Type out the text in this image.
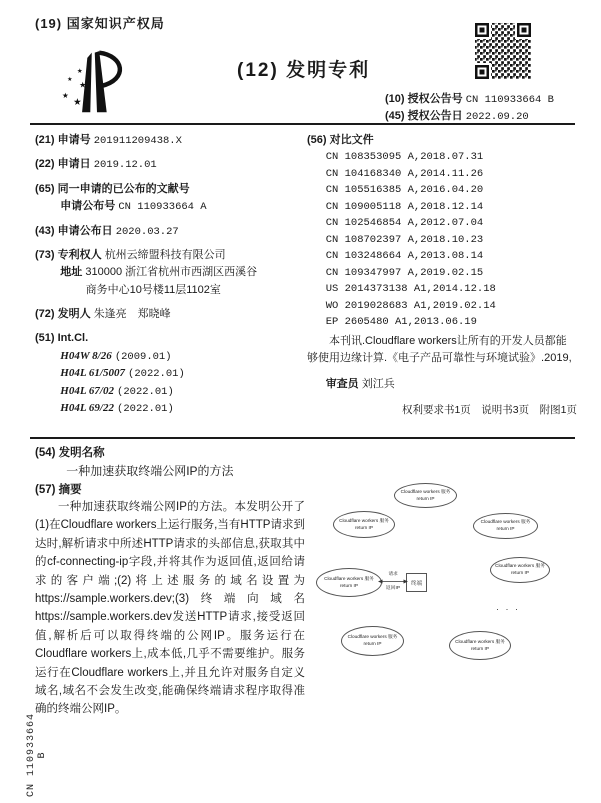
(19) 国家知识产权局
★
★
★
★
★
(12) 发明专利
(10) 授权公告号 CN 110933664 B
(45) 授权公告日 2022.09.20
(21) 申请号 201911209438.X
(22) 申请日 2019.12.01
(65) 同一申请的已公布的文献号
申请公布号 CN 110933664 A
(43) 申请公布日 2020.03.27
(73) 专利权人 杭州云缔盟科技有限公司
地址 310000 浙江省杭州市西湖区西溪谷
商务中心10号楼11层1102室
(72) 发明人 朱逢亮　郑晓峰
(51) Int.Cl.
H04W 8/26 (2009.01)
H04L 61/5007 (2022.01)
H04L 67/02 (2022.01)
H04L 69/22 (2022.01)
(56) 对比文件
CN 108353095 A,2018.07.31
CN 104168340 A,2014.11.26
CN 105516385 A,2016.04.20
CN 109005118 A,2018.12.14
CN 102546854 A,2012.07.04
CN 108702397 A,2018.10.23
CN 103248664 A,2013.08.14
CN 109347997 A,2019.02.15
US 2014373138 A1,2014.12.18
WO 2019028683 A1,2019.02.14
EP 2605480 A1,2013.06.19
本刊讯.Cloudflare workers让所有的开发人员都能够使用边缘计算.《电子产品可靠性与环境试验》.2019,
审查员 刘江兵
权利要求书1页　说明书3页　附图1页
(54) 发明名称
一种加速获取终端公网IP的方法
(57) 摘要
一种加速获取终端公网IP的方法。本发明公开了(1)在Cloudflare workers上运行服务,当有HTTP请求到达时,解析请求中所述HTTP请求的头部信息,获取其中的cf-connecting-ip字段,并将其作为返回值,返回给请求的客户端;(2)将上述服务的域名设置为https://sample.workers.dev;(3)终端向域名https://sample.workers.dev发送HTTP请求,接受返回值,解析后可以取得终端的公网IP。服务运行在Cloudflare workers上,成本低,几乎不需要维护。服务运行在Cloudflare workers上,并且允许对服务自定义域名,域名不会发生改变,能确保终端请求程序取得准确的终端公网IP。
Cloudflare workers 服务
return IP
Cloudflare workers 服务
return IP
Cloudflare workers 服务
return IP
Cloudflare workers 服务
return IP
Cloudflare workers 服务
return IP
Cloudflare workers 服务
return IP	Cloudflare workers 服务
return IP
终端
请求
返回IP
· · ·
CN 110933664 B
